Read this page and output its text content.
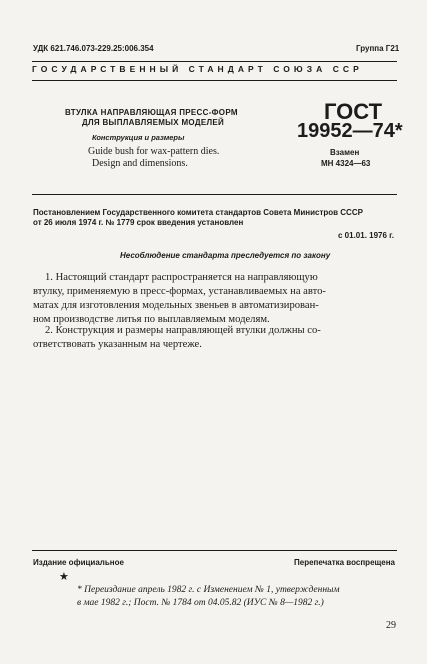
УДК 621.746.073-229.25:006.354	Группа Г21
ГОСУДАРСТВЕННЫЙ СТАНДАРТ СОЮЗА ССР
ВТУЛКА НАПРАВЛЯЮЩАЯ ПРЕСС-ФОРМ
ДЛЯ ВЫПЛАВЛЯЕМЫХ МОДЕЛЕЙ
Конструкция и размеры
Guide bush for wax-pattern dies.
Design and dimensions.
ГОСТ
19952—74*
Взамен
МН 4324—63
Постановлением Государственного комитета стандартов Совета Министров СССР
от 26 июля 1974 г. № 1779 срок введения установлен
с 01.01. 1976 г.
Несоблюдение стандарта преследуется по закону
1. Настоящий стандарт распространяется на направляющую
втулку, применяемую в пресс-формах, устанавливаемых на авто-
матах для изготовления модельных звеньев в автоматизирован-
ном производстве литья по выплавляемым моделям.
2. Конструкция и размеры направляющей втулки должны со-
ответствовать указанным на чертеже.
Издание официальное	Перепечатка воспрещена
★
* Переиздание апрель 1982 г. с Изменением № 1, утвержденным
в мае 1982 г.; Пост. № 1784 от 04.05.82 (ИУС № 8—1982 г.)
29
